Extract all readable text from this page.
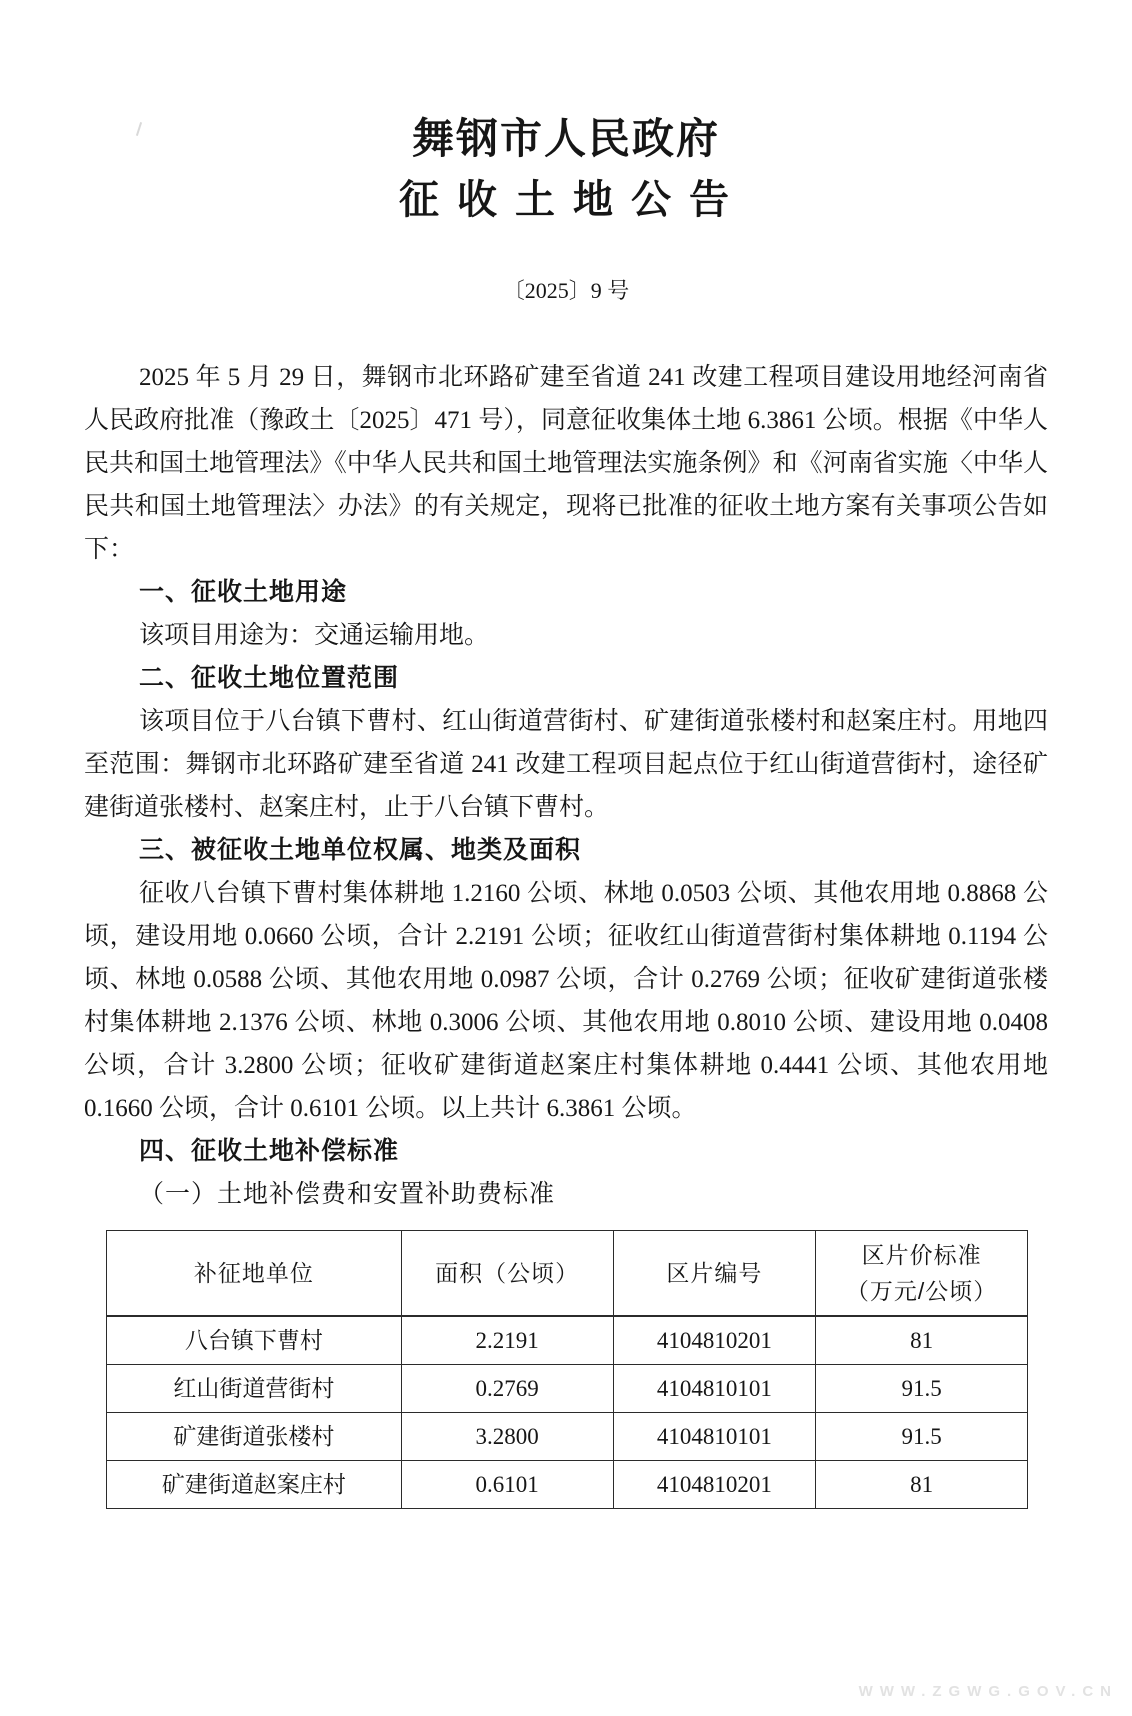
舞钢市人民政府
征 收 土 地 公 告
〔2025〕9 号

2025 年 5 月 29 日，舞钢市北环路矿建至省道 241 改建工程项目建设用地经河南省人民政府批准（豫政土〔2025〕471 号），同意征收集体土地 6.3861 公顷。根据《中华人民共和国土地管理法》《中华人民共和国土地管理法实施条例》和《河南省实施〈中华人民共和国土地管理法〉办法》的有关规定，现将已批准的征收土地方案有关事项公告如下：

一、征收土地用途

该项目用途为：交通运输用地。

二、征收土地位置范围

该项目位于八台镇下曹村、红山街道营街村、矿建街道张楼村和赵案庄村。用地四至范围：舞钢市北环路矿建至省道 241 改建工程项目起点位于红山街道营街村，途径矿建街道张楼村、赵案庄村，止于八台镇下曹村。

三、被征收土地单位权属、地类及面积

征收八台镇下曹村集体耕地 1.2160 公顷、林地 0.0503 公顷、其他农用地 0.8868 公顷，建设用地 0.0660 公顷，合计 2.2191 公顷；征收红山街道营街村集体耕地 0.1194 公顷、林地 0.0588 公顷、其他农用地 0.0987 公顷，合计 0.2769 公顷；征收矿建街道张楼村集体耕地 2.1376 公顷、林地 0.3006 公顷、其他农用地 0.8010 公顷、建设用地 0.0408 公顷，合计 3.2800 公顷；征收矿建街道赵案庄村集体耕地 0.4441 公顷、其他农用地 0.1660 公顷，合计 0.6101 公顷。以上共计 6.3861 公顷。

四、征收土地补偿标准

（一）土地补偿费和安置补助费标准

补征地单位	面积（公顷）	区片编号	区片价标准
（万元/公顷）

八台镇下曹村	2.2191	4104810201	81
红山街道营街村	0.2769	4104810101	91.5
矿建街道张楼村	3.2800	4104810101	91.5
矿建街道赵案庄村	0.6101	4104810201	81
WWW.ZGWG.GOV.CN
